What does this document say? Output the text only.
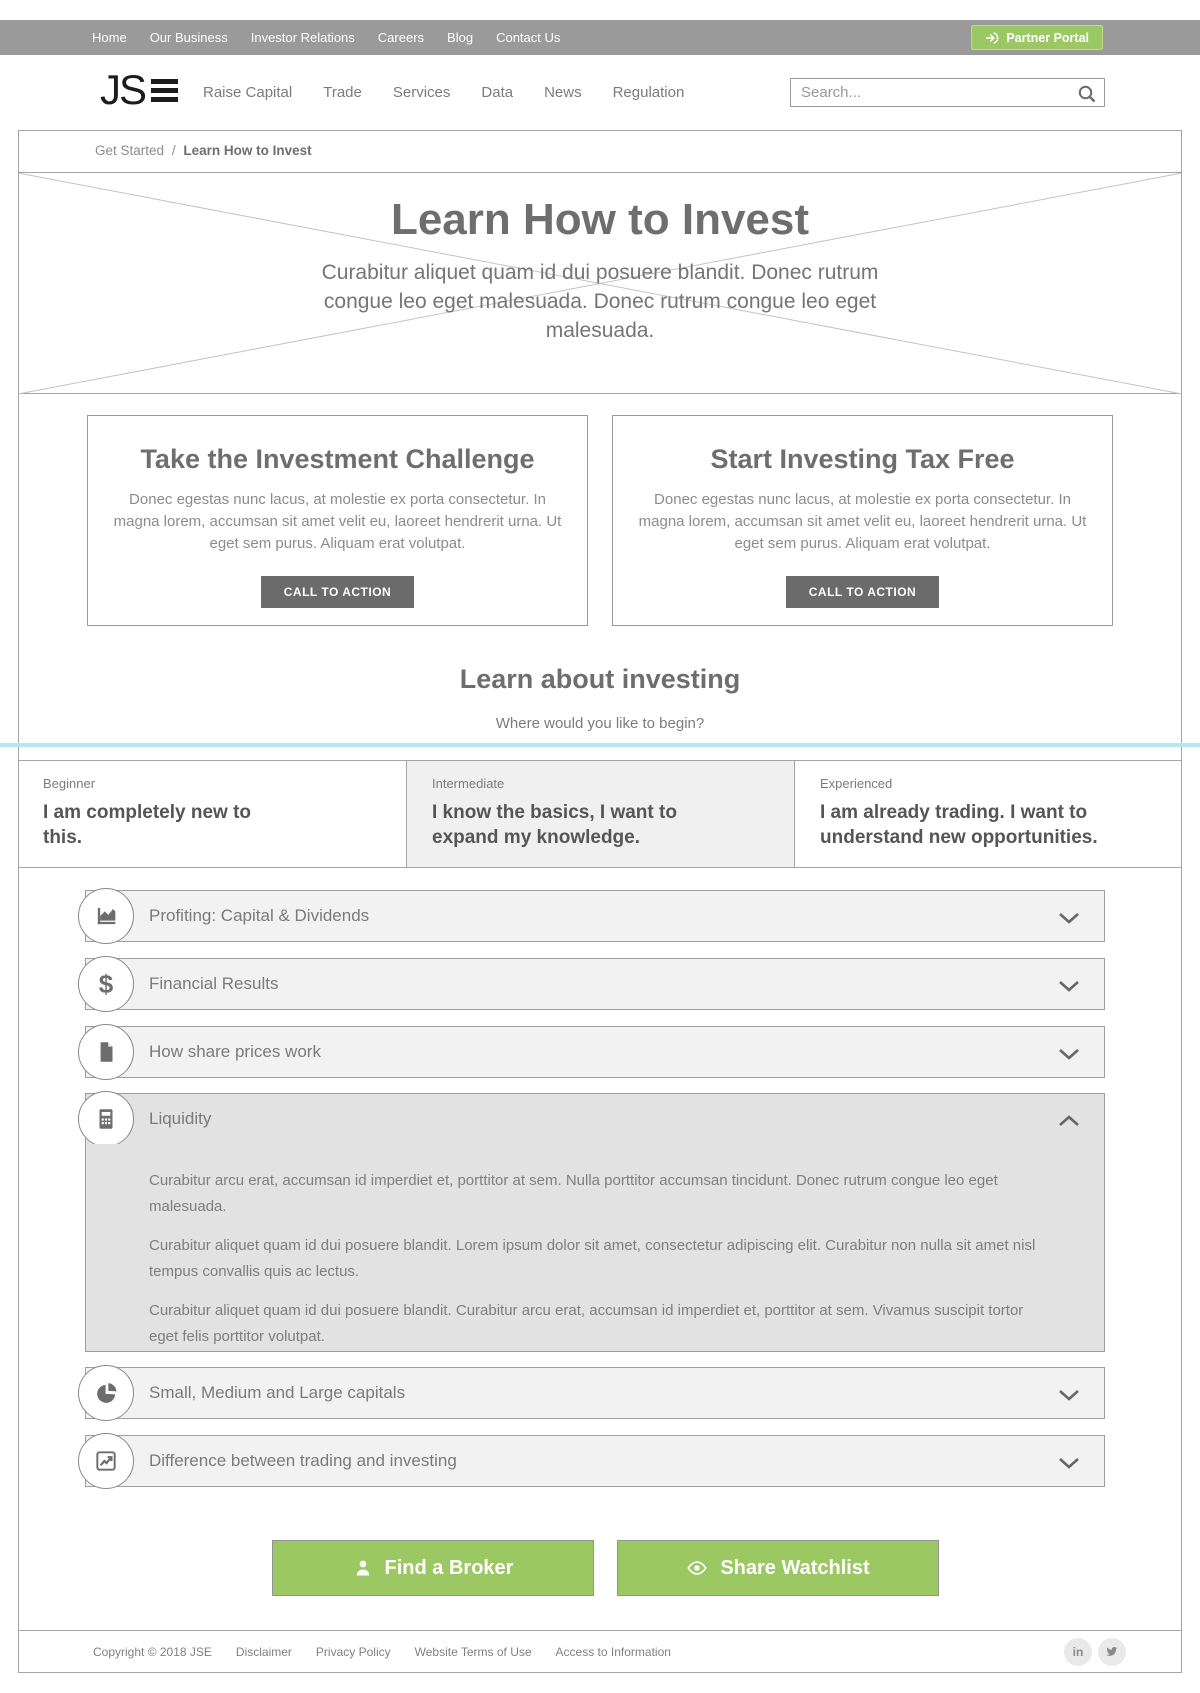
Home Our Business Investor Relations Careers Blog Contact Us	Partner Portal
JS	Raise Capital Trade Services Data News Regulation
Search...
Get Started / Learn How to Invest
Learn How to Invest
Curabitur aliquet quam id dui posuere blandit. Donec rutrum congue leo eget malesuada. Donec rutrum congue leo eget malesuada.
Take the Investment Challenge
Donec egestas nunc lacus, at molestie ex porta consectetur. In magna lorem, accumsan sit amet velit eu, laoreet hendrerit urna. Ut eget sem purus. Aliquam erat volutpat.
CALL TO ACTION
Start Investing Tax Free
Donec egestas nunc lacus, at molestie ex porta consectetur. In magna lorem, accumsan sit amet velit eu, laoreet hendrerit urna. Ut eget sem purus. Aliquam erat volutpat.
CALL TO ACTION
Learn about investing
Where would you like to begin?
Beginner
I am completely new to this.
Intermediate
I know the basics, I want to expand my knowledge.
Experienced
I am already trading. I want to understand new opportunities.
Profiting: Capital & Dividends
$ Financial Results
How share prices work
Liquidity

Curabitur arcu erat, accumsan id imperdiet et, porttitor at sem. Nulla porttitor accumsan tincidunt. Donec rutrum congue leo eget malesuada.

Curabitur aliquet quam id dui posuere blandit. Lorem ipsum dolor sit amet, consectetur adipiscing elit. Curabitur non nulla sit amet nisl tempus convallis quis ac lectus.

Curabitur aliquet quam id dui posuere blandit. Curabitur arcu erat, accumsan id imperdiet et, porttitor at sem. Vivamus suscipit tortor eget felis porttitor volutpat.

Small, Medium and Large capitals
Difference between trading and investing
Find a Broker	Share Watchlist
Copyright © 2018 JSE Disclaimer Privacy Policy Website Terms of Use Access to Information	in
